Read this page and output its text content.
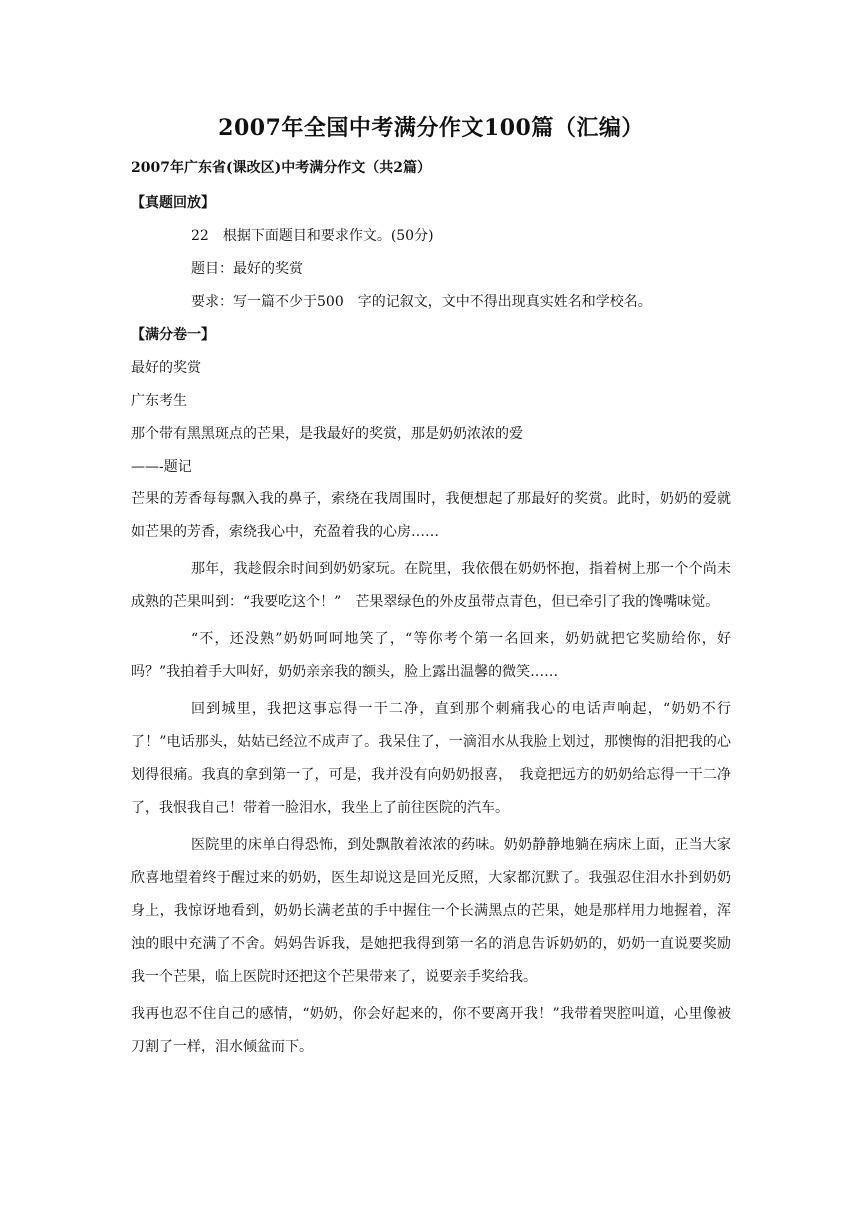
2007年全国中考满分作文100篇（汇编）
2007年广东省(课改区)中考满分作文（共2篇）
【真题回放】
22　根据下面题目和要求作文。(50分)
题目：最好的奖赏
要求：写一篇不少于500　字的记叙文，文中不得出现真实姓名和学校名。
【满分卷一】
最好的奖赏
广东考生
那个带有黑黑斑点的芒果，是我最好的奖赏，那是奶奶浓浓的爱
——-题记
芒果的芳香每每飘入我的鼻子，索绕在我周围时，我便想起了那最好的奖赏。此时，奶奶的爱就如芒果的芳香，索绕我心中，充盈着我的心房……
那年，我趁假余时间到奶奶家玩。在院里，我依偎在奶奶怀抱，指着树上那一个个尚未成熟的芒果叫到：“我要吃这个！”　芒果翠绿色的外皮虽带点青色，但已牵引了我的馋嘴味觉。
“不，还没熟”奶奶呵呵地笑了，“等你考个第一名回来，奶奶就把它奖励给你，好吗？”我拍着手大叫好，奶奶亲亲我的额头，脸上露出温馨的微笑……
回到城里，我把这事忘得一干二净，直到那个刺痛我心的电话声响起，“奶奶不行了！”电话那头，姑姑已经泣不成声了。我呆住了，一滴泪水从我脸上划过，那懊悔的泪把我的心划得很痛。我真的拿到第一了，可是，我并没有向奶奶报喜，　我竟把远方的奶奶给忘得一干二净了，我恨我自己！带着一脸泪水，我坐上了前往医院的汽车。
医院里的床单白得恐怖，到处飘散着浓浓的药味。奶奶静静地躺在病床上面，正当大家欣喜地望着终于醒过来的奶奶，医生却说这是回光反照，大家都沉默了。我强忍住泪水扑到奶奶身上，我惊讶地看到，奶奶长满老茧的手中握住一个长满黑点的芒果，她是那样用力地握着，浑浊的眼中充满了不舍。妈妈告诉我，是她把我得到第一名的消息告诉奶奶的，奶奶一直说要奖励我一个芒果，临上医院时还把这个芒果带来了，说要亲手奖给我。
我再也忍不住自己的感情，“奶奶，你会好起来的，你不要离开我！”我带着哭腔叫道，心里像被刀割了一样，泪水倾盆而下。
